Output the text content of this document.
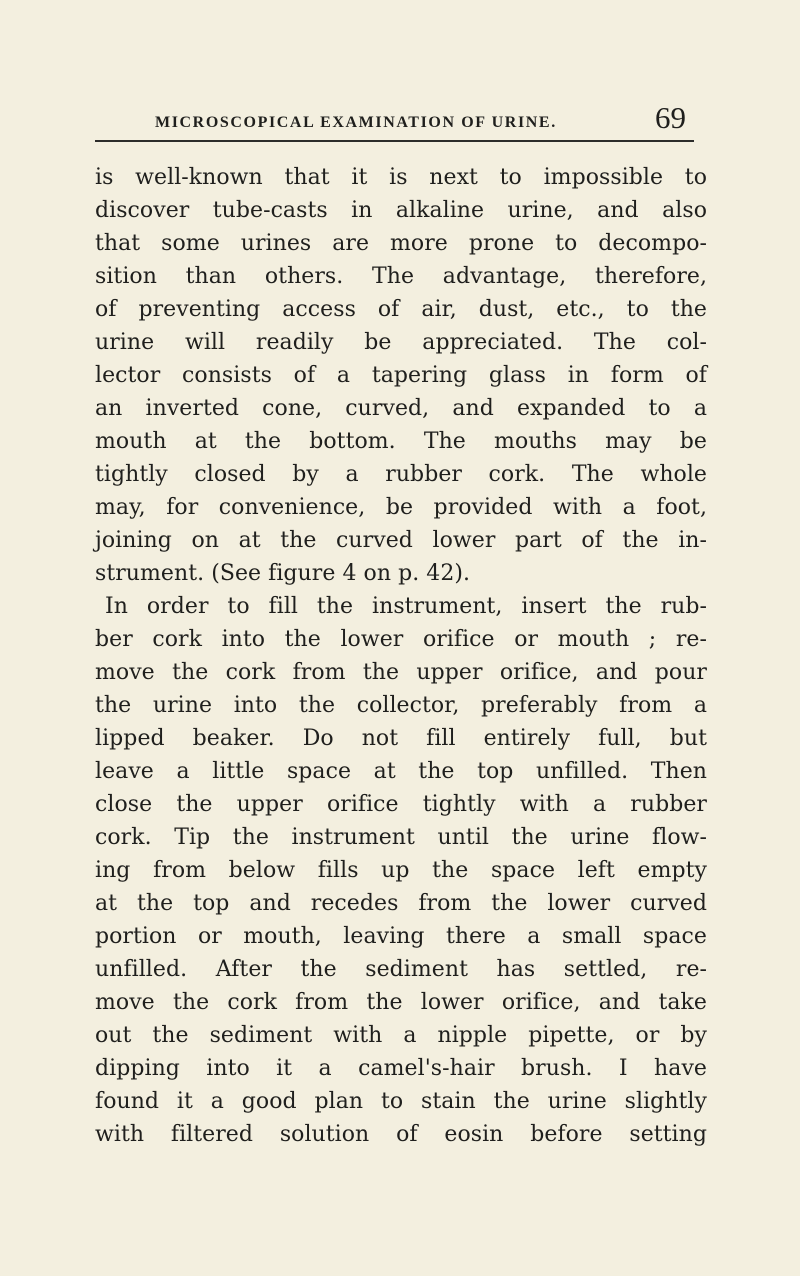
MICROSCOPICAL EXAMINATION OF URINE.	69
is well-known that it is next to impossible to
discover tube-casts in alkaline urine, and also
that some urines are more prone to decompo-
sition than others. The advantage, therefore,
of preventing access of air, dust, etc., to the
urine will readily be appreciated. The col-
lector consists of a tapering glass in form of
an inverted cone, curved, and expanded to a
mouth at the bottom. The mouths may be
tightly closed by a rubber cork. The whole
may, for convenience, be provided with a foot,
joining on at the curved lower part of the in-
strument. (See figure 4 on p. 42).
In order to fill the instrument, insert the rub-
ber cork into the lower orifice or mouth ; re-
move the cork from the upper orifice, and pour
the urine into the collector, preferably from a
lipped beaker. Do not fill entirely full, but
leave a little space at the top unfilled. Then
close the upper orifice tightly with a rubber
cork. Tip the instrument until the urine flow-
ing from below fills up the space left empty
at the top and recedes from the lower curved
portion or mouth, leaving there a small space
unfilled. After the sediment has settled, re-
move the cork from the lower orifice, and take
out the sediment with a nipple pipette, or by
dipping into it a camel's-hair brush. I have
found it a good plan to stain the urine slightly
with filtered solution of eosin before setting
